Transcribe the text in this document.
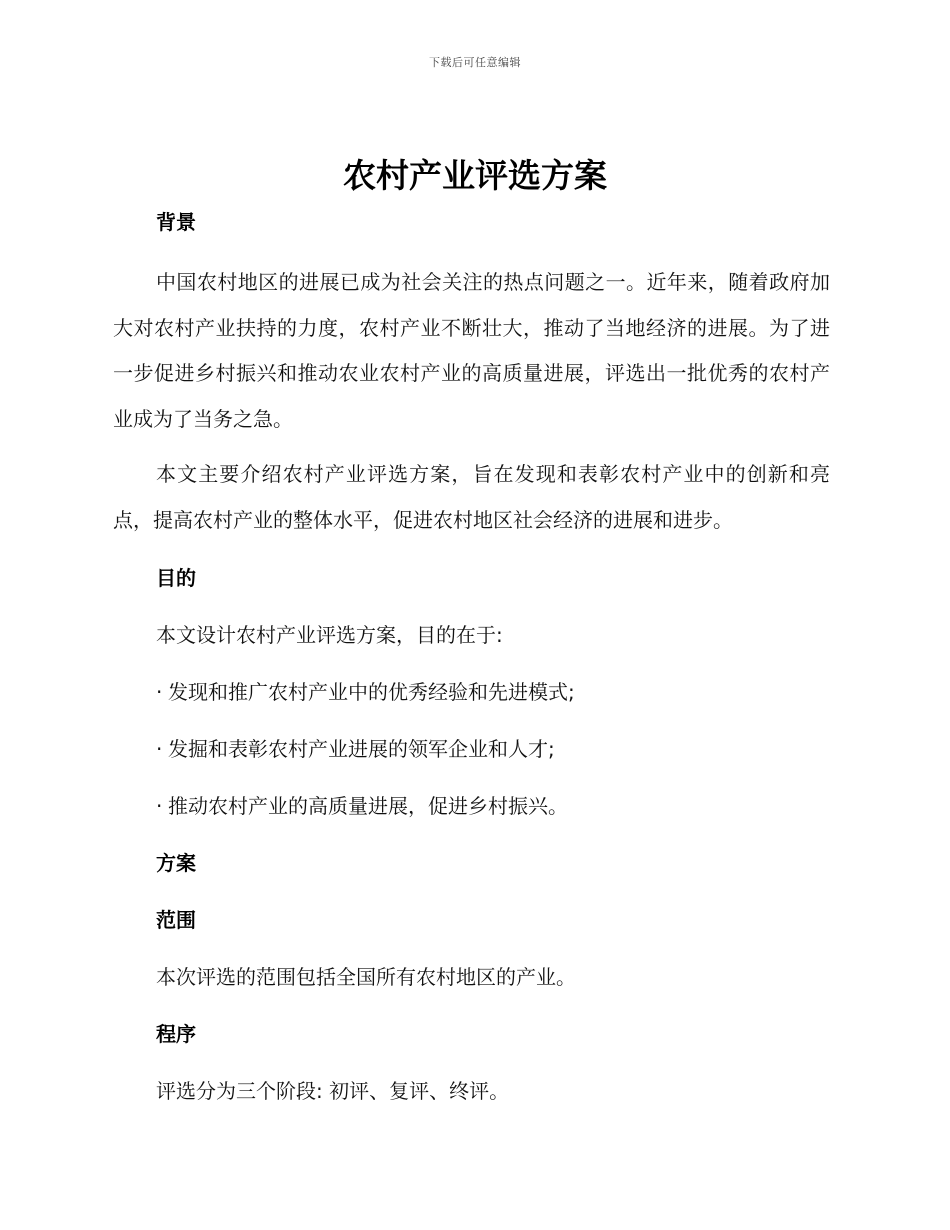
下载后可任意编辑
农村产业评选方案
背景

中国农村地区的进展已成为社会关注的热点问题之一。近年来，随着政府加大对农村产业扶持的力度，农村产业不断壮大，推动了当地经济的进展。为了进一步促进乡村振兴和推动农业农村产业的高质量进展，评选出一批优秀的农村产业成为了当务之急。

本文主要介绍农村产业评选方案，旨在发现和表彰农村产业中的创新和亮点，提高农村产业的整体水平，促进农村地区社会经济的进展和进步。

目的

本文设计农村产业评选方案，目的在于:

· 发现和推广农村产业中的优秀经验和先进模式;
· 发掘和表彰农村产业进展的领军企业和人才;
· 推动农村产业的高质量进展，促进乡村振兴。
方案
范围

本次评选的范围包括全国所有农村地区的产业。

程序

评选分为三个阶段: 初评、复评、终评。
